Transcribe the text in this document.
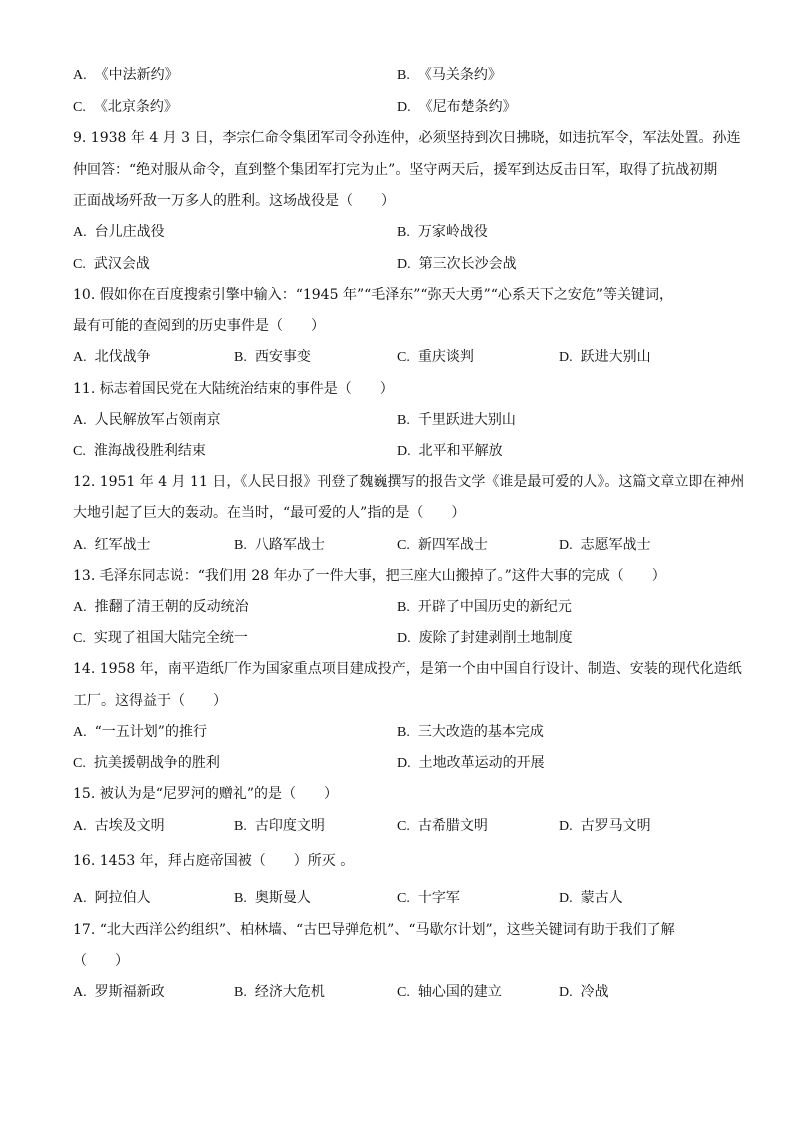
A. 《中法新约》	B. 《马关条约》
C. 《北京条约》	D. 《尼布楚条约》
9. 1938 年 4 月 3 日，李宗仁命令集团军司令孙连仲，必须坚持到次日拂晓，如违抗军令，军法处置。孙连
仲回答：“绝对服从命令，直到整个集团军打完为止”。坚守两天后，援军到达反击日军，取得了抗战初期
正面战场歼敌一万多人的胜利。这场战役是（　　）
A. 台儿庄战役	B. 万家岭战役
C. 武汉会战	D. 第三次长沙会战
10. 假如你在百度搜索引擎中输入：“1945 年”“毛泽东”“弥天大勇”“心系天下之安危”等关键词，
最有可能的查阅到的历史事件是（　　）
A. 北伐战争	B. 西安事变	C. 重庆谈判	D. 跃进大别山
11. 标志着国民党在大陆统治结束的事件是（　　）
A. 人民解放军占领南京	B. 千里跃进大别山
C. 淮海战役胜利结束	D. 北平和平解放
12. 1951 年 4 月 11 日，《人民日报》刊登了魏巍撰写的报告文学《谁是最可爱的人》。这篇文章立即在神州
大地引起了巨大的轰动。在当时，“最可爱的人”指的是（　　）
A. 红军战士	B. 八路军战士	C. 新四军战士	D. 志愿军战士
13. 毛泽东同志说：“我们用 28 年办了一件大事，把三座大山搬掉了。”这件大事的完成（　　）
A. 推翻了清王朝的反动统治	B. 开辟了中国历史的新纪元
C. 实现了祖国大陆完全统一	D. 废除了封建剥削土地制度
14. 1958 年，南平造纸厂作为国家重点项目建成投产，是第一个由中国自行设计、制造、安装的现代化造纸
工厂。这得益于（　　）
A. “一五计划”的推行	B. 三大改造的基本完成
C. 抗美援朝战争的胜利	D. 土地改革运动的开展
15. 被认为是“尼罗河的赠礼”的是（　　）
A. 古埃及文明	B. 古印度文明	C. 古希腊文明	D. 古罗马文明
16. 1453 年，拜占庭帝国被（　　）所灭 。
A. 阿拉伯人	B. 奥斯曼人	C. 十字军	D. 蒙古人
17. “北大西洋公约组织”、柏林墙、“古巴导弹危机”、“马歇尔计划”，这些关键词有助于我们了解
（　　）
A. 罗斯福新政	B. 经济大危机	C. 轴心国的建立	D. 冷战
